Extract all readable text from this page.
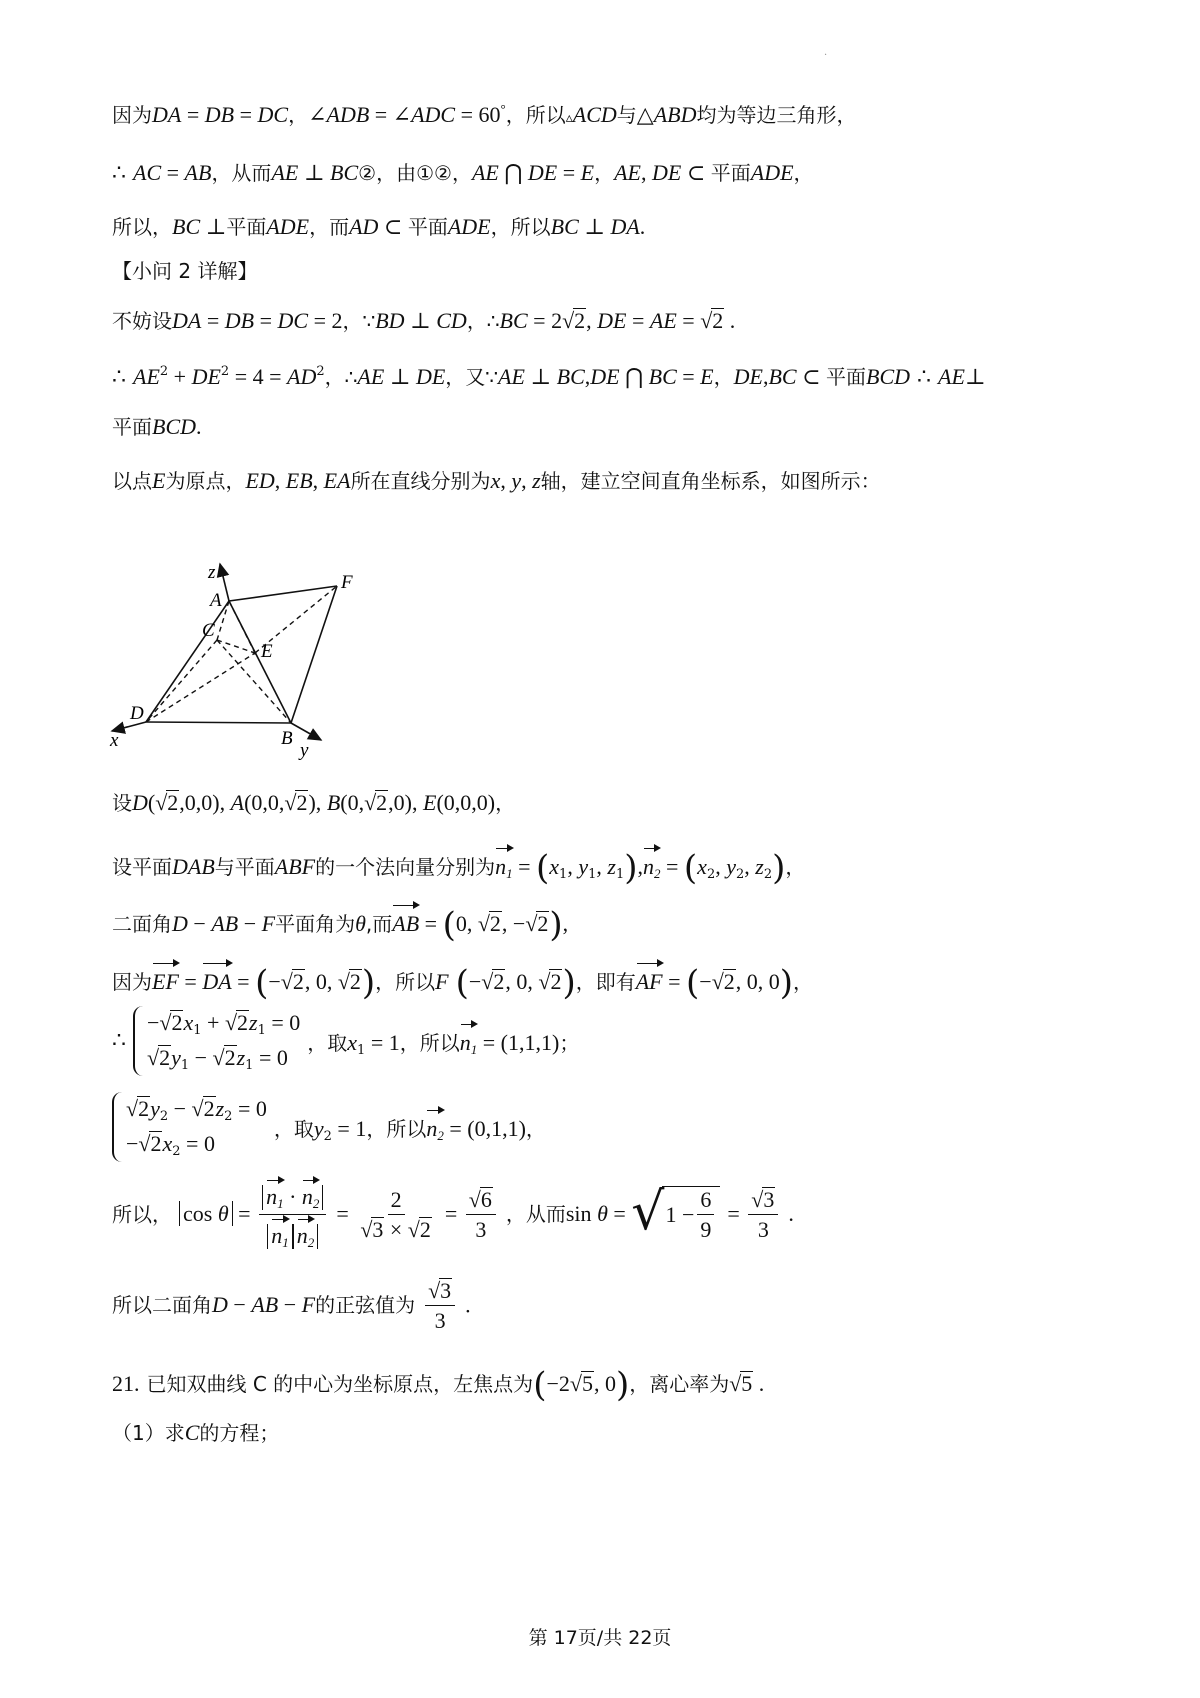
·
因为DA = DB = DC，∠ADB = ∠ADC = 60°，所以▵ACD与△ABD均为等边三角形，
∴ AC = AB，从而AE ⊥ BC②，由①②，AE ⋂ DE = E，AE, DE ⊂ 平面ADE，
所以，BC ⊥平面ADE，而AD ⊂ 平面ADE，所以BC ⊥ DA.
【小问 2 详解】
不妨设DA = DB = DC = 2，∵BD ⊥ CD，∴BC = 2√2, DE = AE = √2 .
∴ $AE^2 + DE^2 = 4 = AD^2$，∴AE ⊥ DE，又∵AE ⊥ BC,DE ⋂ BC = E，DE,BC ⊂ 平面BCD ∴ AE⊥
平面BCD.
以点E为原点，ED, EB, EA所在直线分别为x, y, z轴，建立空间直角坐标系，如图所示：
z
A
F
C
E
D
x	B
y
设D(√2,0,0), A(0,0,√2), B(0,√2,0), E(0,0,0)，
设平面DAB与平面ABF的一个法向量分别为$n_1 = (x_1$, $y_1$, $z_1),n_2 = (x_2$, $y_2$, $z_2$)，
二面角D − AB − F平面角为θ,而AB = (0, √2, −√2),
因为EF = DA = (−√2, 0, √2)，所以F (−√2, 0, √2)，即有AF = (−√2, 0, 0)，
∴
$-√2x_1 + √2z_1 = 0$
$√2y_1 - √2z_1 = 0$
，取$x_1 = 1$，所以$n_1 = (1,1,1)$；
$√2y_2 - √2z_2 = 0$
$-√2x_2 = 0$
，取$y_2 = 1$，所以$n_2 = (0,1,1)$，
所以， $\cos \theta = \frac{n_1 \cdot n_2}{n_1 n_2} = \frac{2}{√3 \times √2} = \frac{√6}{3}$ ，从而sin θ = √ $1 - \frac{6}{9} = \frac{√3}{3}$ .
所以二面角D − AB − F的正弦值为 $\frac{√3}{3}$ .
21. 已知双曲线 C 的中心为坐标原点，左焦点为(−2√5, 0)，离心率为√5 .
（1）求C的方程；
第 17页/共 22页
